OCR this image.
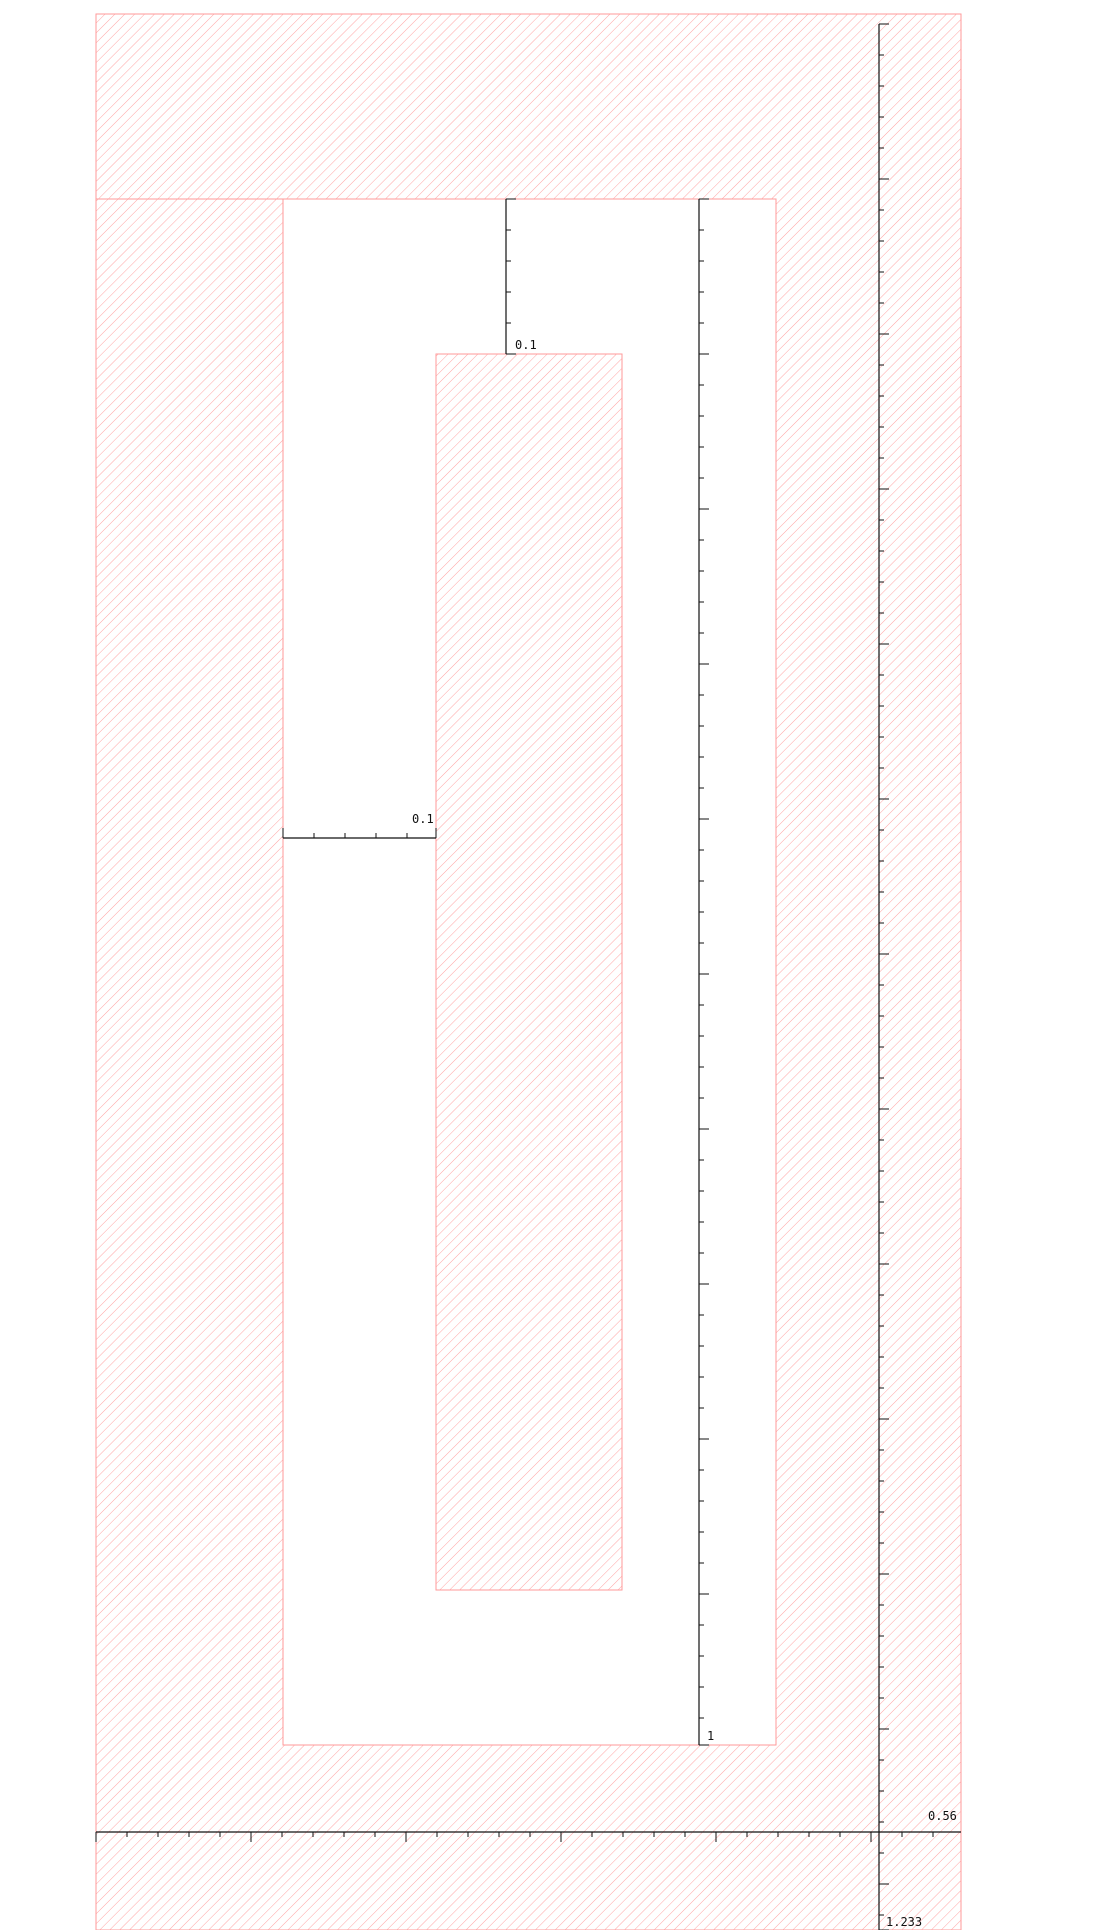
0.1
0.1
1
0.56
1.233
